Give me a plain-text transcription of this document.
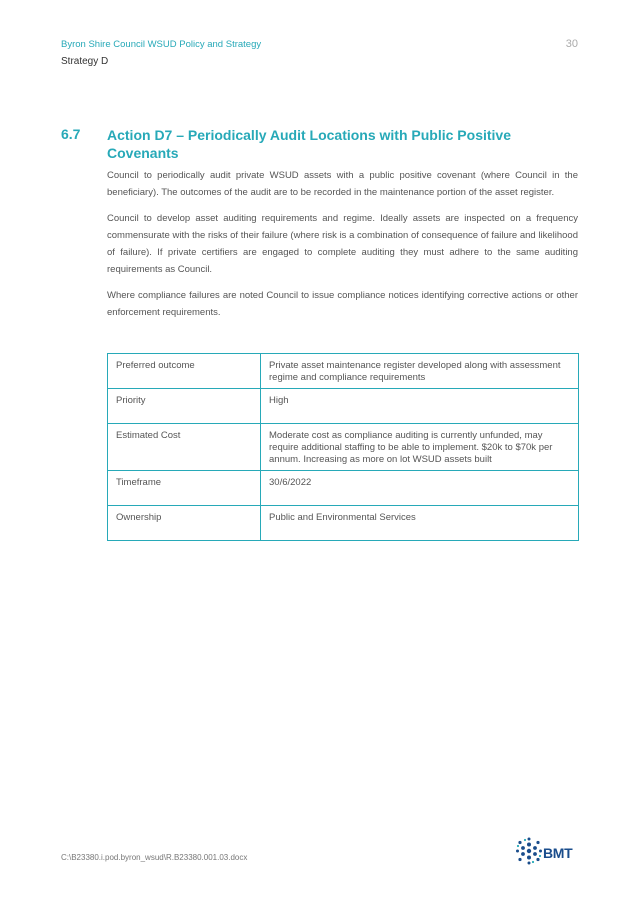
Byron Shire Council WSUD Policy and Strategy
Strategy D
30
6.7 Action D7 – Periodically Audit Locations with Public Positive Covenants

Council to periodically audit private WSUD assets with a public positive covenant (where Council in the beneficiary). The outcomes of the audit are to be recorded in the maintenance portion of the asset register.

Council to develop asset auditing requirements and regime. Ideally assets are inspected on a frequency commensurate with the risks of their failure (where risk is a combination of consequence of failure and likelihood of failure). If private certifiers are engaged to complete auditing they must adhere to the same auditing requirements as Council.

Where compliance failures are noted Council to issue compliance notices identifying corrective actions or other enforcement requirements.

Preferred outcome	Private asset maintenance register developed along with assessment regime and compliance requirements
Priority	High
Estimated Cost	Moderate cost as compliance auditing is currently unfunded, may require additional staffing to be able to implement. $20k to $70k per annum. Increasing as more on lot WSUD assets built
Timeframe	30/6/2022
Ownership	Public and Environmental Services
C:\B23380.i.pod.byron_wsud\R.B23380.001.03.docx	BMT
